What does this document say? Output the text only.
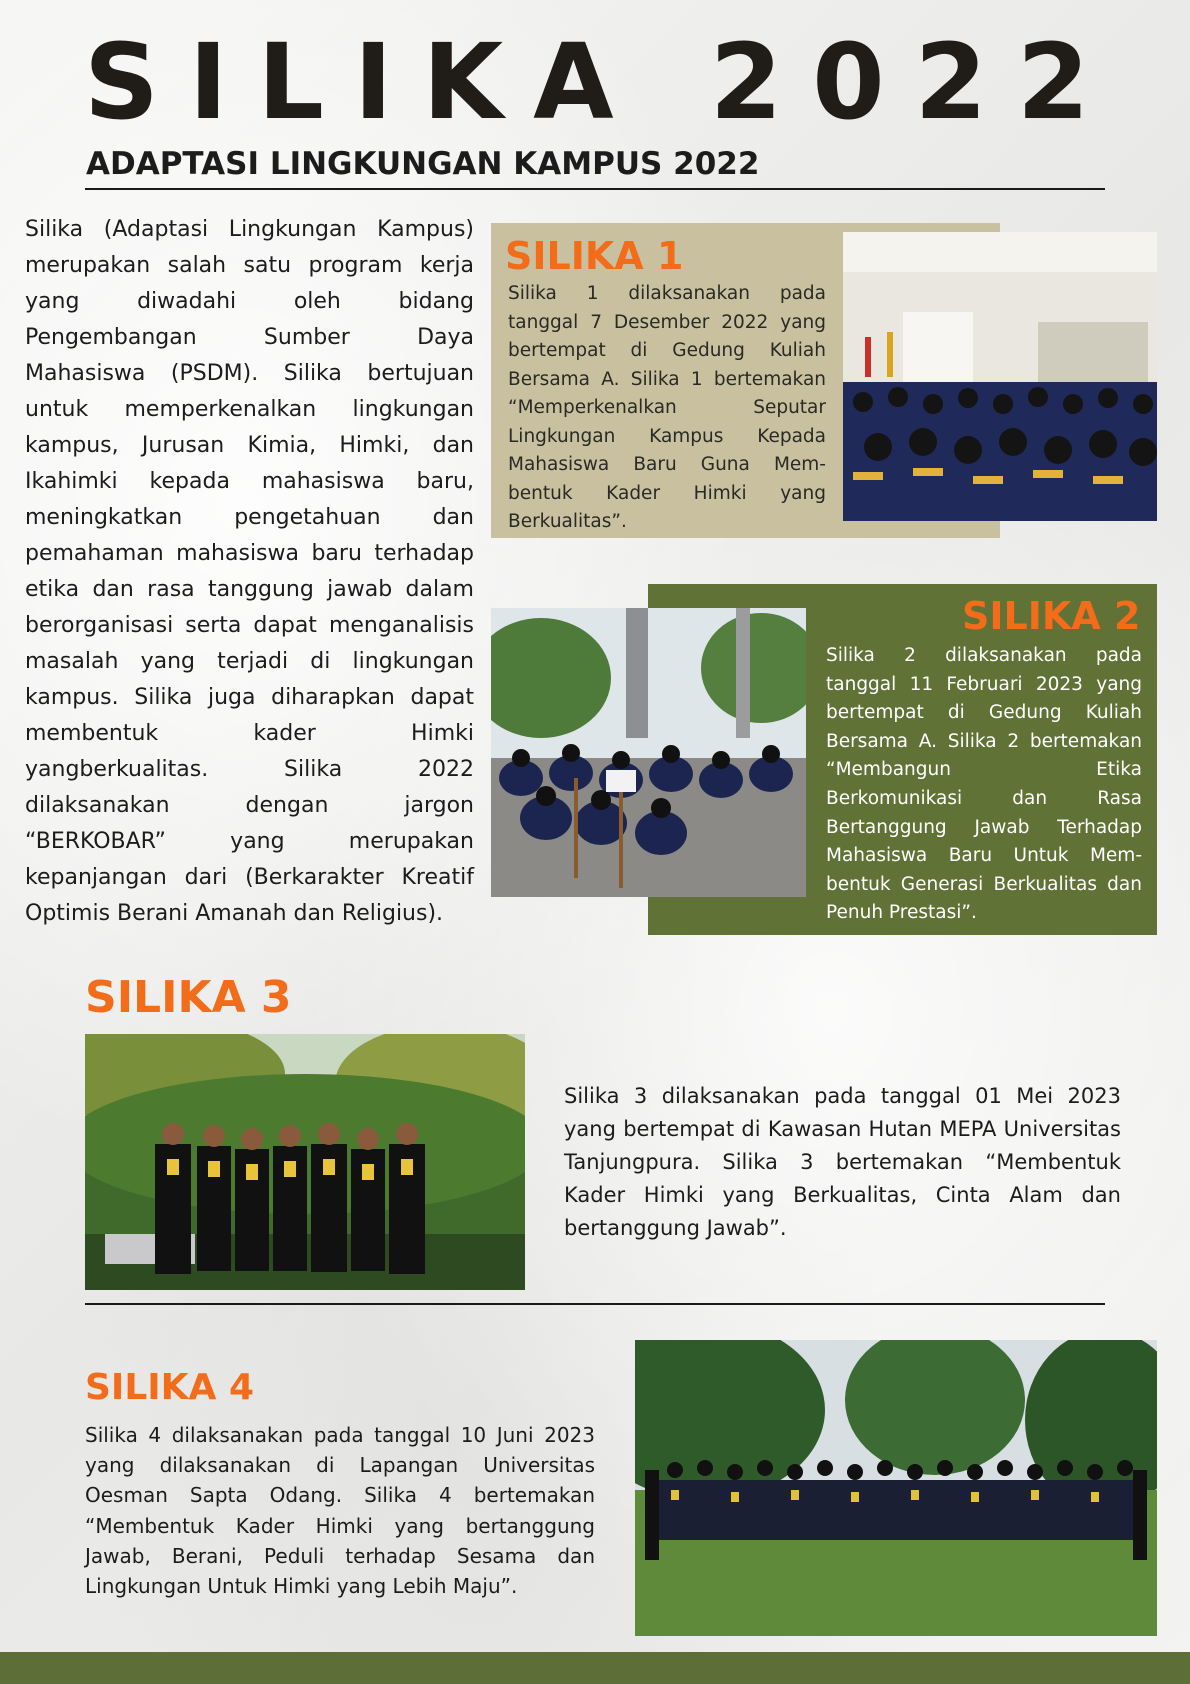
SILIKA 2022
ADAPTASI LINGKUNGAN KAMPUS 2022

Silika (Adaptasi Lingkungan Kampus) merupakan salah satu program kerja yang diwadahi oleh bidang Pengembangan Sumber Daya Mahasiswa (PSDM). Silika bertujuan untuk memperkenalkan lingkungan kampus, Jurusan Kimia, Himki, dan Ikahimki kepada mahasiswa baru, meningkatkan pengetahuan dan pemahaman mahasiswa baru terhadap etika dan rasa tanggung jawab dalam berorganisasi serta dapat menganalisis masalah yang terjadi di lingkungan kampus. Silika juga diharapkan dapat membentuk kader Himki yangberkualitas. Silika 2022 dilaksanakan dengan jargon “BERKOBAR” yang merupakan kepanjangan dari (Berkarakter Kreatif Optimis Berani Amanah dan Religius).

SILIKA 1

Silika 1 dilaksanakan pada tanggal 7 Desember 2022 yang bertempat di Gedung Kuliah Bersama A. Silika 1 bertemakan “Memperkenalkan Seputar Lingkungan Kampus Kepada Mahasiswa Baru Guna Mem-bentuk Kader Himki yang Berkualitas”.

SILIKA 2

Silika 2 dilaksanakan pada tanggal 11 Februari 2023 yang bertempat di Gedung Kuliah Bersama A. Silika 2 bertemakan “Membangun Etika Berkomunikasi dan Rasa Bertanggung Jawab Terhadap Mahasiswa Baru Untuk Mem-bentuk Generasi Berkualitas dan Penuh Prestasi”.

SILIKA 3

Silika 3 dilaksanakan pada tanggal 01 Mei 2023 yang bertempat di Kawasan Hutan MEPA Universitas Tanjungpura. Silika 3 bertemakan “Membentuk Kader Himki yang Berkualitas, Cinta Alam dan bertanggung Jawab”.

SILIKA 4

Silika 4 dilaksanakan pada tanggal 10 Juni 2023 yang dilaksanakan di Lapangan Universitas Oesman Sapta Odang. Silika 4 bertemakan “Membentuk Kader Himki yang bertanggung Jawab, Berani, Peduli terhadap Sesama dan Lingkungan Untuk Himki yang Lebih Maju”.
